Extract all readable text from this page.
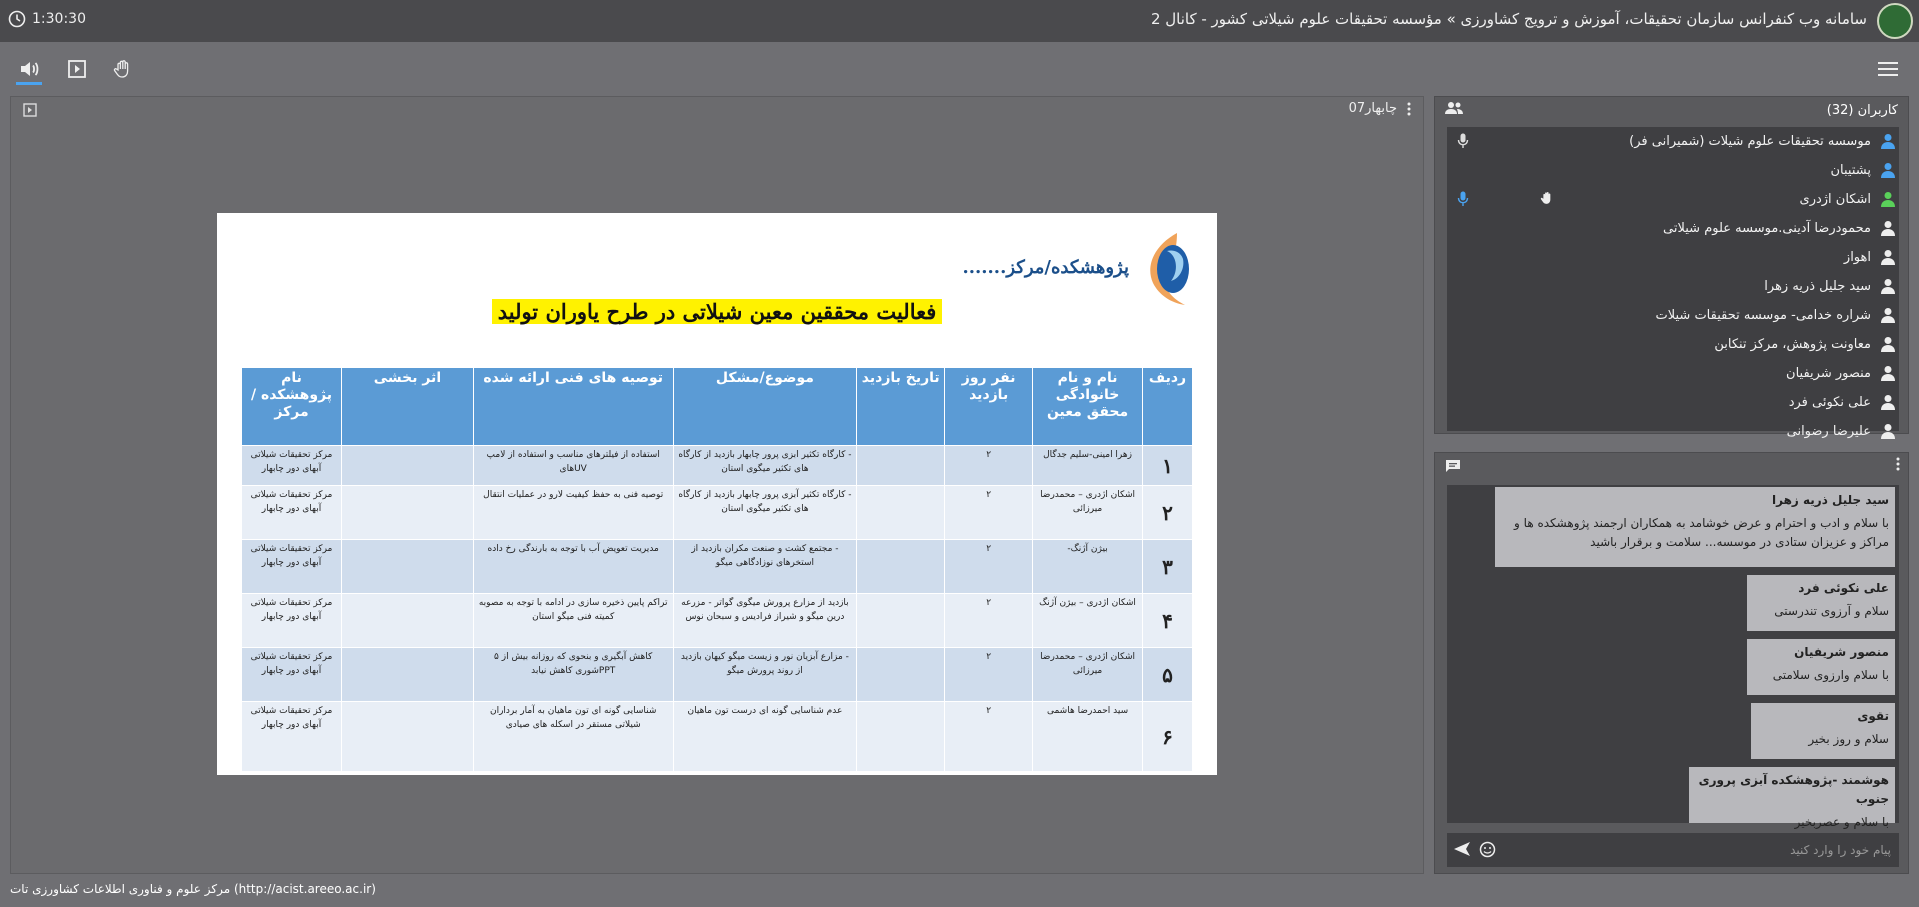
1:30:30	سامانه وب کنفرانس سازمان تحقیقات، آموزش و ترویج کشاورزی » مؤسسه تحقیقات علوم شیلاتی کشور - کانال 2
07چابهار
پژوهشکده/مرکز.......
فعالیت محققین معین شیلاتی در طرح یاوران تولید
ردیف	نام و نام خانوادگی محقق معین	نفر روز بازدید	تاریخ بازدید	موضوع/مشکل	توصیه های فنی ارائه شده	اثر بخشی	نام پژوهشکده /مرکز
۱	زهرا امینی-سلیم جدگال	۲		- کارگاه تکثیر ابزی پرور چابهار بازدید از کارگاه های تکثیر میگوی استان	استفاده از فیلترهای مناسب و استفاده از لامپ UVهای		مرکز تحقیقات شیلاتی آبهای دور چابهار
۲	اشکان اژدری – محمدرضا میرزائی	۲		- کارگاه تکثیر آبزی پرور چابهار بازدید از کارگاه های تکثیر میگوی استان	توصیه فنی به حفظ کیفیت لارو در عملیات انتقال		مرکز تحقیقات شیلاتی آبهای دور چابهار
۳	بیژن آژنگ-	۲		- مجتمع کشت و صنعت مکران بازدید از استخرهای نوزادگاهی میگو	مدیریت تعویض آب با توجه به بارندگی رخ داده		مرکز تحقیقات شیلاتی آبهای دور چابهار
۴	اشکان اژدری – بیژن آژنگ	۲		بازدید از مزارع پرورش میگوی گواتر - مزرعه درین میگو و شیراز فرادیس و سبحان نوس	تراکم پایین ذخیره سازی در ادامه با توجه به مصوبه کمیته فنی میگو استان		مرکز تحقیقات شیلاتی آبهای دور چابهار
۵	اشکان اژدری – محمدرضا میرزائی	۲		- مزارع آبزیان نور و زیست میگو کیهان بازدید از روند پرورش میگو	کاهش آبگیری و بنحوی که روزانه بیش از ۵ PPTشوری کاهش نیابد		مرکز تحقیقات شیلاتی آبهای دور چابهار
۶	سید احمدرضا هاشمی	۲		عدم شناسایی گونه ای درست تون ماهیان	شناسایی گونه ای تون ماهیان به آمار برداران شیلاتی مستقر در اسکله های صیادی		مرکز تحقیقات شیلاتی آبهای دور چابهار
مرکز علوم و فناوری اطلاعات کشاورزی تات (http://acist.areeo.ac.ir)
کاربران (32)
موسسه تحقیقات علوم شیلات (شمیرانی فر)
پشتیبان
اشکان اژدری
محمودرضا آدینی.موسسه علوم شیلاتی
اهواز
سید جلیل ذریه زهرا
شراره خدامی- موسسه تحقیقات شیلات
معاونت پژوهش، مرکز تنکابن
منصور شریفیان
علی نکوئی فرد
علیرضا رضوانی
سید جلیل ذریه زهرا
با سلام و ادب و احترام و عرض خوشامد به همکاران ارجمند پژوهشکده ها و مراکز و عزیزان ستادی در موسسه... سلامت و برقرار باشید
علی نکوئی فرد
سلام و آرزوی تندرستی
منصور شریفیان
با سلام وارزوی سلامتی
تقوی
سلام و روز بخیر
هوشمند -پژوهشکده آبزی پروری جنوب
با سلام و عصربخیر
پیام خود را وارد کنید
